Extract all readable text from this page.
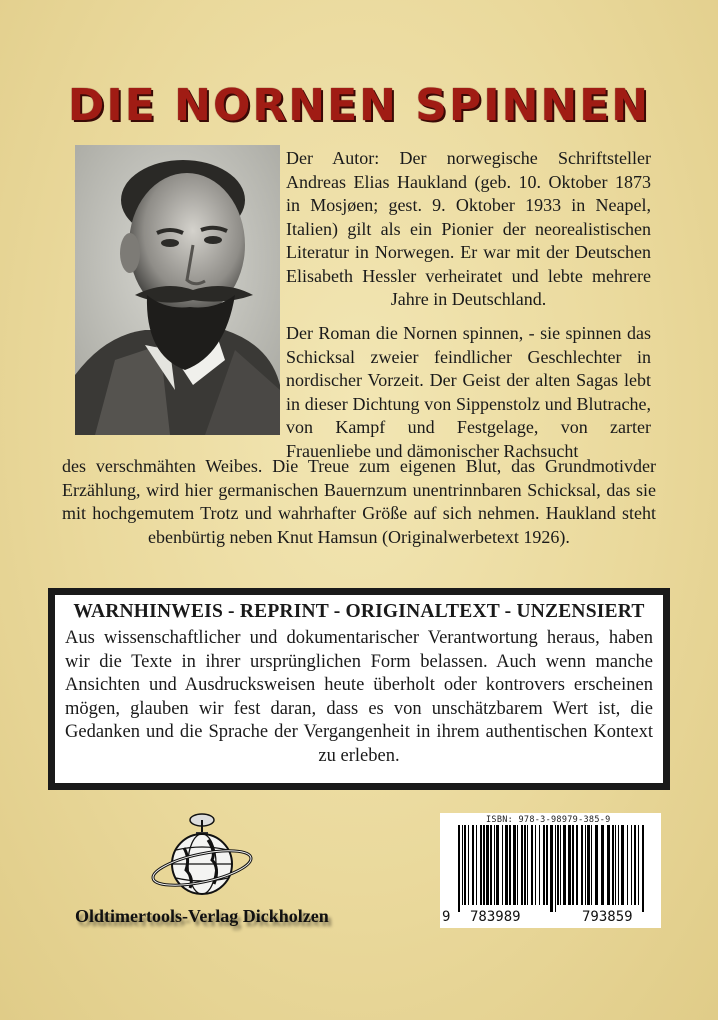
DIE NORNEN SPINNEN

Der Autor: Der norwegische Schriftsteller Andreas Elias Haukland (geb. 10. Oktober 1873 in Mosjøen; gest. 9. Oktober 1933 in Neapel, Italien) gilt als ein Pionier der neorealistischen Literatur in Norwegen. Er war mit der Deutschen Elisabeth Hessler verheiratet und lebte mehrere Jahre in Deutschland.

Der Roman die Nornen spinnen, - sie spinnen das Schicksal zweier feindlicher Geschlechter in nordischer Vorzeit. Der Geist der alten Sagas lebt in dieser Dichtung von Sippenstolz und Blutrache, von Kampf und Festgelage, von zarter Frauenliebe und dämonischer Rachsucht

des verschmähten Weibes. Die Treue zum eigenen Blut, das Grundmotivder Erzählung, wird hier germanischen Bauernzum unentrinnbaren Schicksal, das sie mit hochgemutem Trotz und wahrhafter Größe auf sich nehmen. Haukland steht ebenbürtig neben Knut Hamsun (Originalwerbetext 1926).

WARNHINWEIS - REPRINT - ORIGINALTEXT - UNZENSIERT

Aus wissenschaftlicher und dokumentarischer Verantwortung heraus, haben wir die Texte in ihrer ursprünglichen Form belassen. Auch wenn manche Ansichten und Ausdrucksweisen heute überholt oder kontrovers erscheinen mögen, glauben wir fest daran, dass es von unschätzbarem Wert ist, die Gedanken und die Sprache der Vergangenheit in ihrem authentischen Kontext zu erleben.

Oldtimertools-Verlag Dickholzen
ISBN: 978-3-98979-385-9
9 783989	793859
